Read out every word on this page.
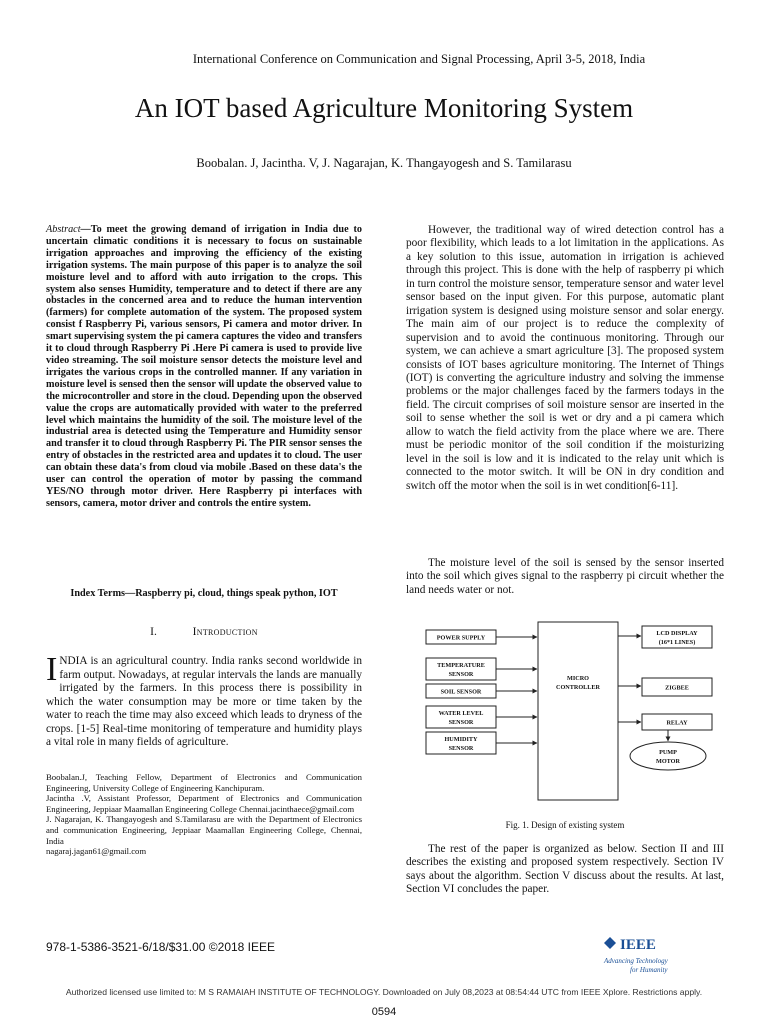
International Conference on Communication and Signal Processing, April 3-5, 2018, India
An IOT based Agriculture Monitoring System
Boobalan. J, Jacintha. V, J. Nagarajan, K. Thangayogesh and S. Tamilarasu
Abstract—To meet the growing demand of irrigation in India due to uncertain climatic conditions it is necessary to focus on sustainable irrigation approaches and improving the efficiency of the existing irrigation systems. The main purpose of this paper is to analyze the soil moisture level and to afford with auto irrigation to the crops. This system also senses Humidity, temperature and to detect if there are any obstacles in the concerned area and to reduce the human intervention (farmers) for complete automation of the system. The proposed system consist f Raspberry Pi, various sensors, Pi camera and motor driver. In smart supervising system the pi camera captures the video and transfers it to cloud through Raspberry Pi .Here Pi camera is used to provide live video streaming. The soil moisture sensor detects the moisture level and irrigates the various crops in the controlled manner. If any variation in moisture level is sensed then the sensor will update the observed value to the microcontroller and store in the cloud. Depending upon the observed value the crops are automatically provided with water to the preferred level which maintains the humidity of the soil. The moisture level of the industrial area is detected using the Temperature and Humidity sensor and transfer it to cloud through Raspberry Pi. The PIR sensor senses the entry of obstacles in the restricted area and updates it to cloud. The user can obtain these data's from cloud via mobile .Based on these data's the user can control the operation of motor by passing the command YES/NO through motor driver. Here Raspberry pi interfaces with sensors, camera, motor driver and controls the entire system.
Index Terms—Raspberry pi, cloud, things speak python, IOT
I.	Introduction
INDIA is an agricultural country. India ranks second worldwide in farm output. Nowadays, at regular intervals the lands are manually irrigated by the farmers. In this process there is possibility in which the water consumption may be more or time taken by the water to reach the time may also exceed which leads to dryness of the crops. [1-5] Real-time monitoring of temperature and humidity plays a vital role in many fields of agriculture.
Boobalan.J, Teaching Fellow, Department of Electronics and Communication Engineering, University College of Engineering Kanchipuram.
Jacintha .V, Assistant Professor, Department of Electronics and Communication Engineering, Jeppiaar Maamallan Engineering College Chennai.jacinthaece@gmail.com
J. Nagarajan, K. Thangayogesh and S.Tamilarasu are with the Department of Electronics and communication Engineering, Jeppiaar Maamallan Engineering College, Chennai, India
nagaraj.jagan61@gmail.com
However, the traditional way of wired detection control has a poor flexibility, which leads to a lot limitation in the applications. As a key solution to this issue, automation in irrigation is achieved through this project. This is done with the help of raspberry pi which in turn control the moisture sensor, temperature sensor and water level sensor based on the input given. For this purpose, automatic plant irrigation system is designed using moisture sensor and solar energy. The main aim of our project is to reduce the complexity of supervision and to avoid the continuous monitoring. Through our system, we can achieve a smart agriculture [3]. The proposed system consists of IOT bases agriculture monitoring. The Internet of Things (IOT) is converting the agriculture industry and solving the immense problems or the major challenges faced by the farmers todays in the field. The circuit comprises of soil moisture sensor are inserted in the soil to sense whether the soil is wet or dry and a pi camera which allow to watch the field activity from the place where we are. There must be periodic monitor of the soil condition if the moisturizing level in the soil is low and it is indicated to the relay unit which is connected to the motor switch. It will be ON in dry condition and switch off the motor when the soil is in wet condition[6-11].
The moisture level of the soil is sensed by the sensor inserted into the soil which gives signal to the raspberry pi circuit whether the land needs water or not.
POWER SUPPLY
TEMPERATURE
SENSOR
SOIL SENSOR
WATER LEVEL
SENSOR
HUMIDITY
SENSOR
MICRO
CONTROLLER
LCD DISPLAY
(16*1 LINES)
ZIGBEE
RELAY
PUMP
MOTOR
Fig. 1. Design of existing system
The rest of the paper is organized as below. Section II and III describes the existing and proposed system respectively. Section IV says about the algorithm. Section V discuss about the results. At last, Section VI concludes the paper.
978-1-5386-3521-6/18/$31.00 ©2018 IEEE	IEEE
Advancing Technology
for Humanity
Authorized licensed use limited to: M S RAMAIAH INSTITUTE OF TECHNOLOGY. Downloaded on July 08,2023 at 08:54:44 UTC from IEEE Xplore. Restrictions apply.
0594
